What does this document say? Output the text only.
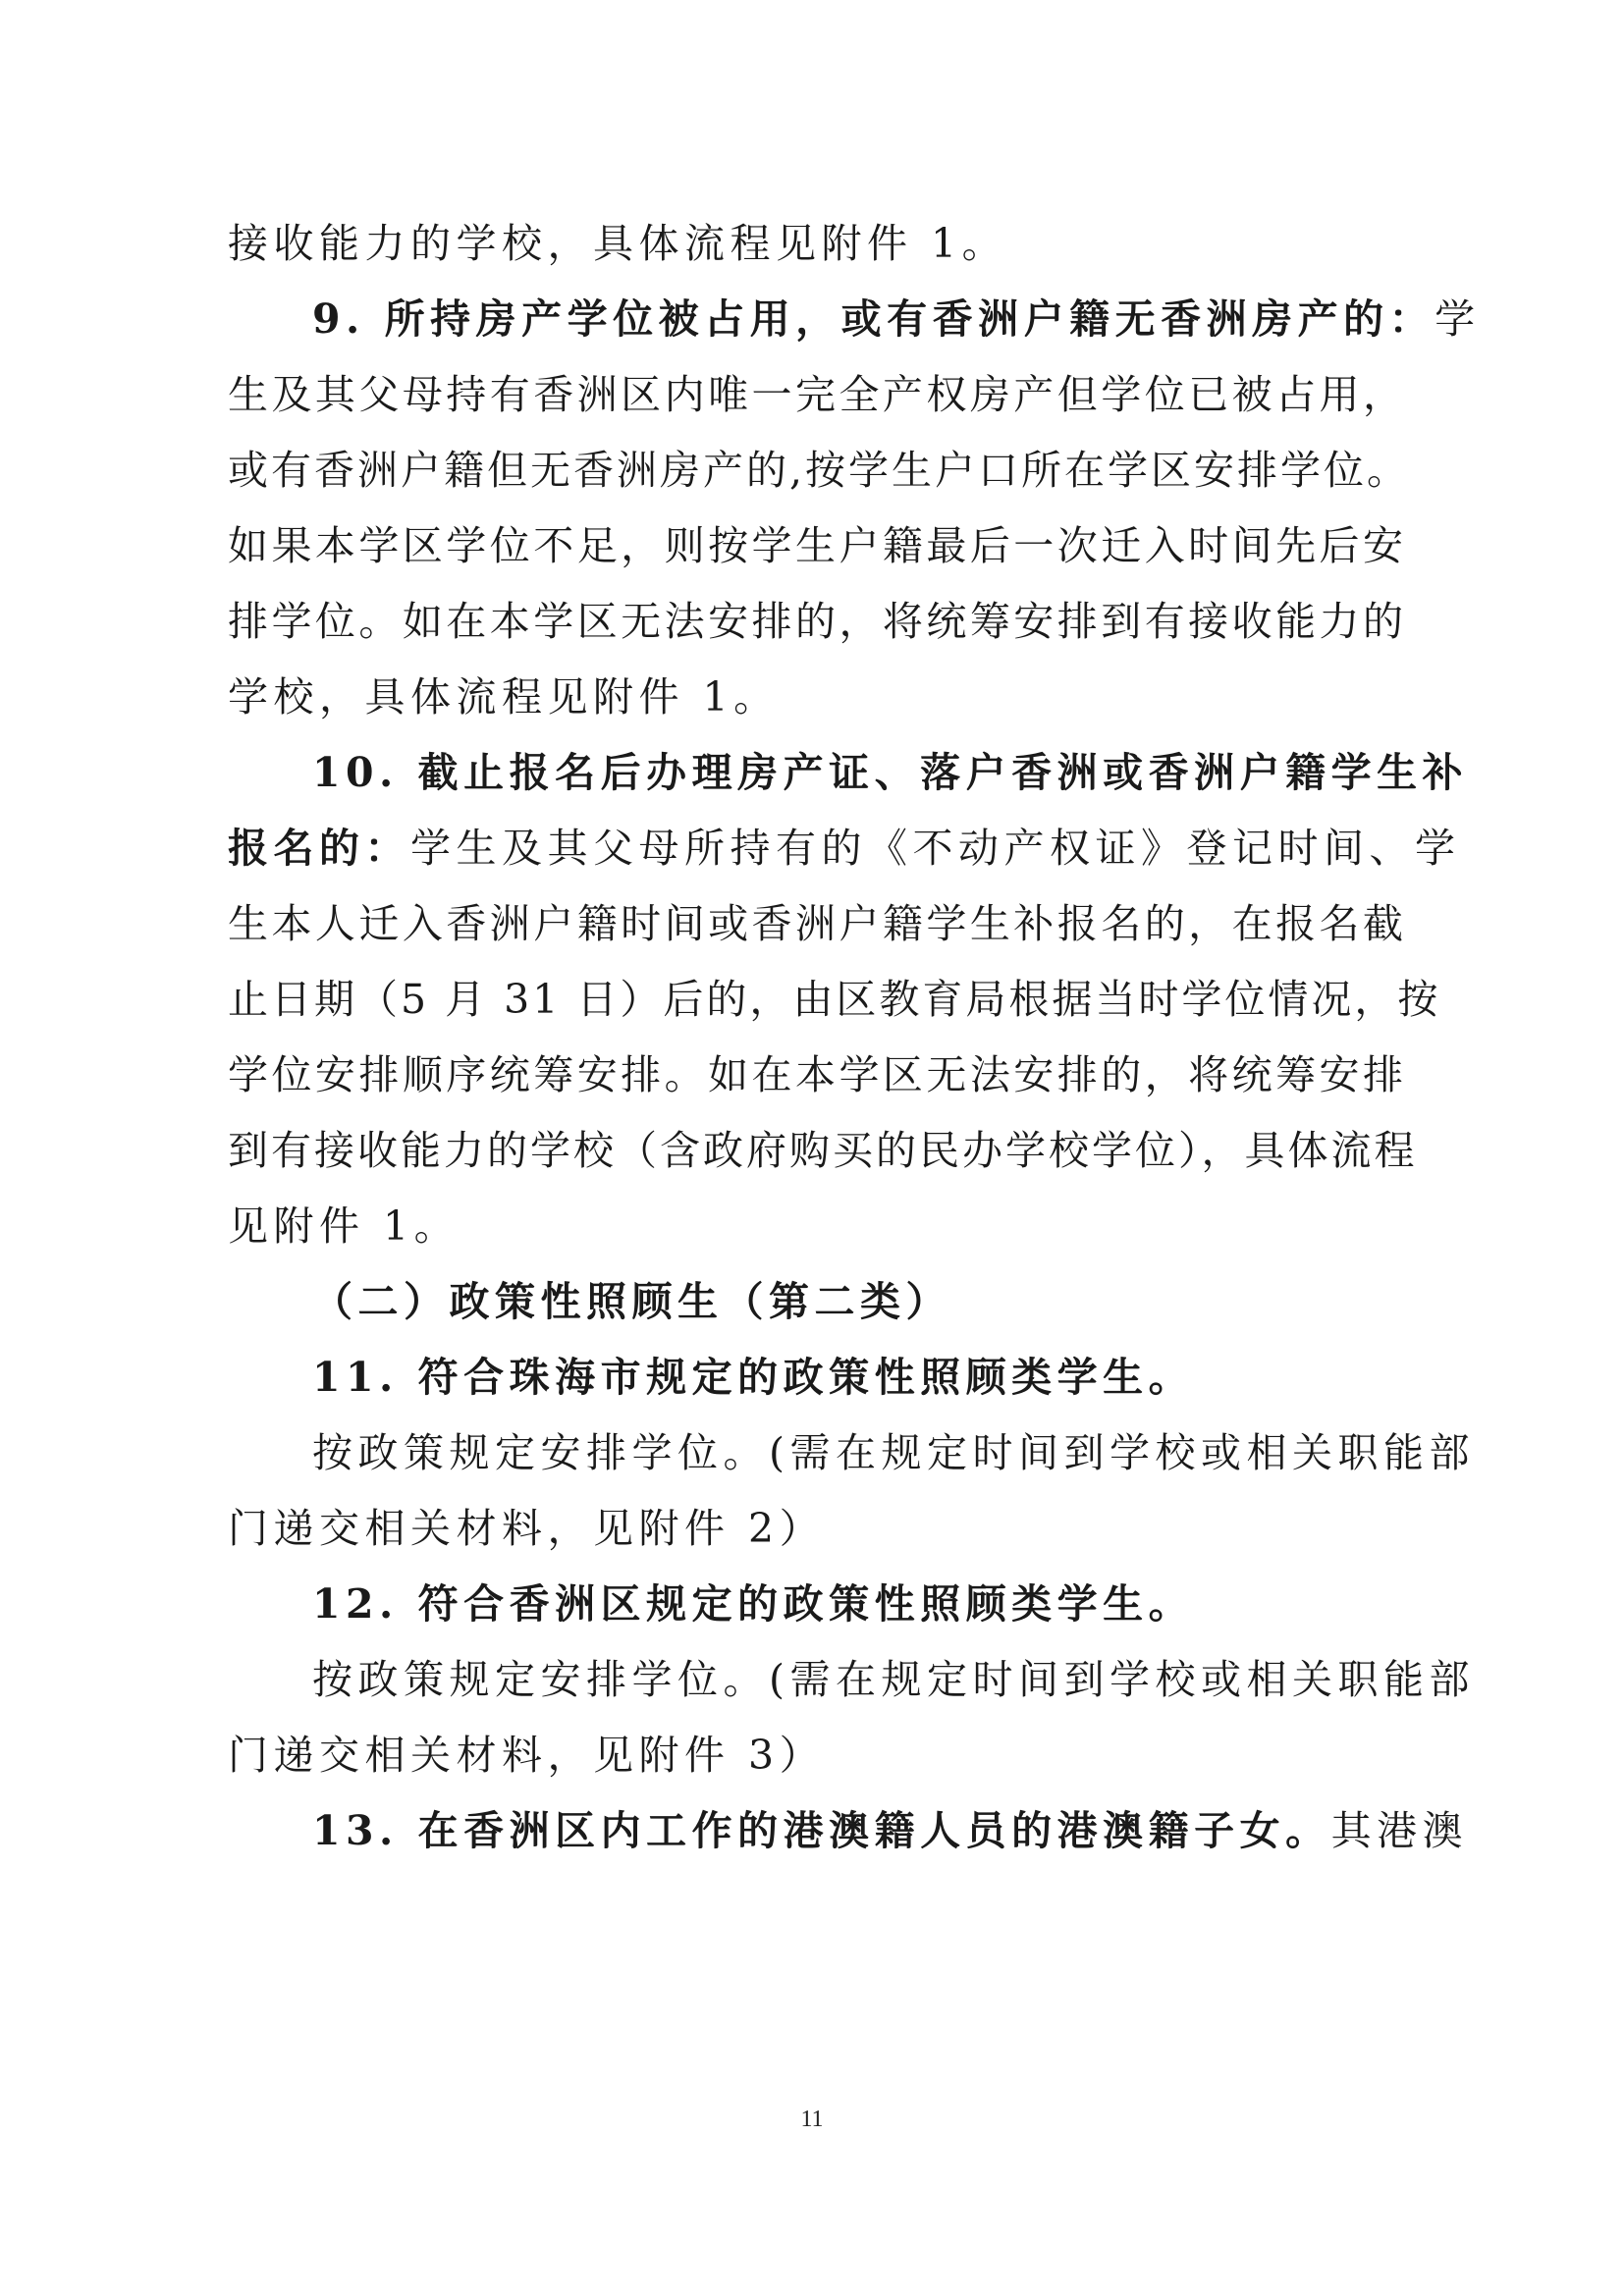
接收能力的学校，具体流程见附件 1。
9. 所持房产学位被占用，或有香洲户籍无香洲房产的：学
生及其父母持有香洲区内唯一完全产权房产但学位已被占用，
或有香洲户籍但无香洲房产的,按学生户口所在学区安排学位。
如果本学区学位不足，则按学生户籍最后一次迁入时间先后安
排学位。如在本学区无法安排的，将统筹安排到有接收能力的
学校，具体流程见附件 1。
10. 截止报名后办理房产证、落户香洲或香洲户籍学生补
报名的：学生及其父母所持有的《不动产权证》登记时间、学
生本人迁入香洲户籍时间或香洲户籍学生补报名的，在报名截
止日期（5 月 31 日）后的，由区教育局根据当时学位情况，按
学位安排顺序统筹安排。如在本学区无法安排的，将统筹安排
到有接收能力的学校（含政府购买的民办学校学位），具体流程
见附件 1。
（二）政策性照顾生（第二类）
11. 符合珠海市规定的政策性照顾类学生。
按政策规定安排学位。(需在规定时间到学校或相关职能部
门递交相关材料，见附件 2）
12. 符合香洲区规定的政策性照顾类学生。
按政策规定安排学位。(需在规定时间到学校或相关职能部
门递交相关材料，见附件 3）
13. 在香洲区内工作的港澳籍人员的港澳籍子女。其港澳
11
